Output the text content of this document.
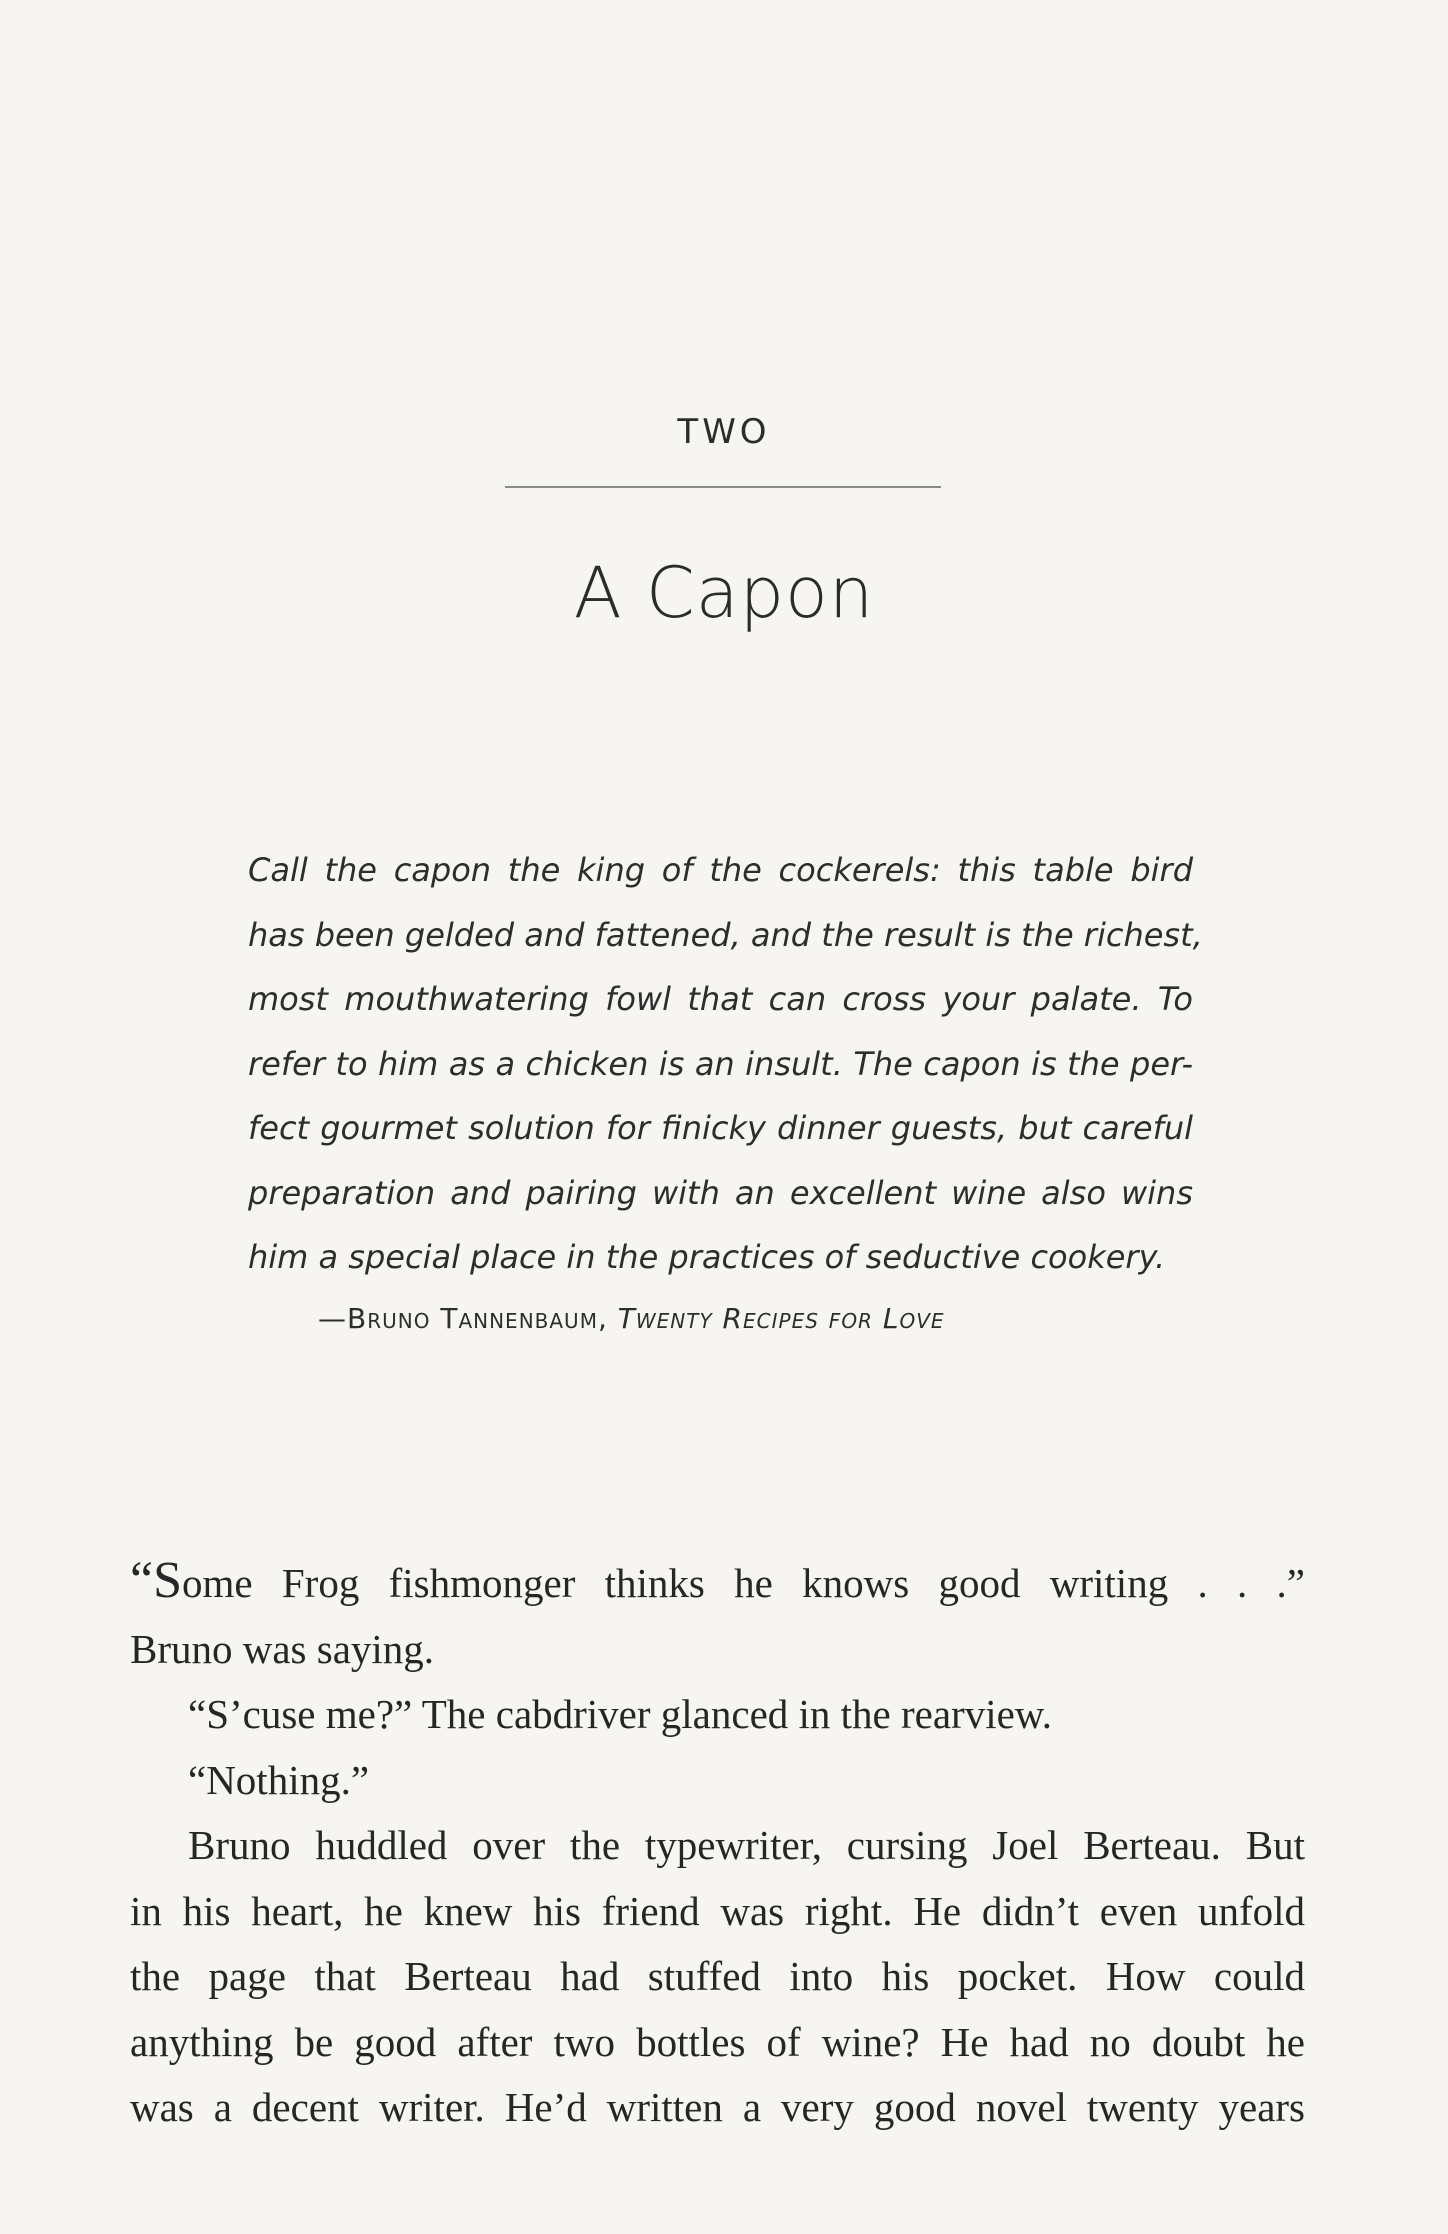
TWO
A Capon
Call the capon the king of the cockerels: this table bird
has been gelded and fattened, and the result is the richest,
most mouthwatering fowl that can cross your palate. To
refer to him as a chicken is an insult. The capon is the per-
fect gourmet solution for finicky dinner guests, but careful
preparation and pairing with an excellent wine also wins
him a special place in the practices of seductive cookery.
—Bruno Tannenbaum, Twenty Recipes for Love

“Some Frog fishmonger thinks he knows good writing . . .”
Bruno was saying.

“S’cuse me?” The cabdriver glanced in the rearview.

“Nothing.”

Bruno huddled over the typewriter, cursing Joel Berteau. But
in his heart, he knew his friend was right. He didn’t even unfold
the page that Berteau had stuffed into his pocket. How could
anything be good after two bottles of wine? He had no doubt he
was a decent writer. He’d written a very good novel twenty years
